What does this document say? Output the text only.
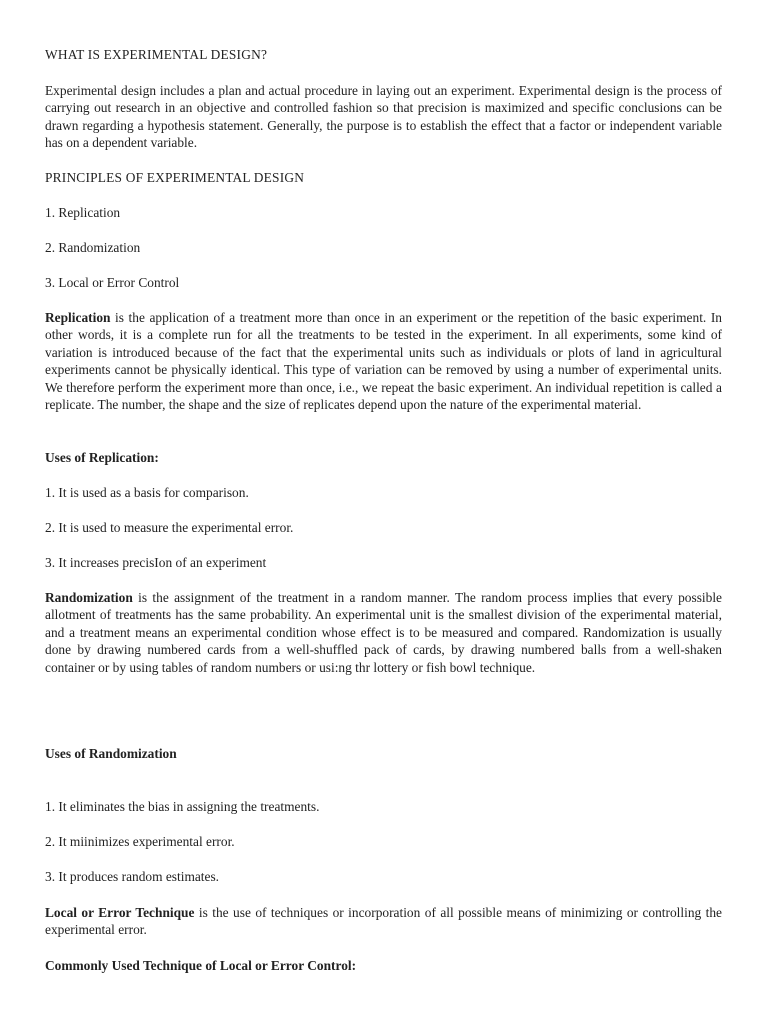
WHAT IS EXPERIMENTAL DESIGN?

Experimental design includes a plan and actual procedure in laying out an experiment. Experimental design is the process of carrying out research in an objective and controlled fashion so that precision is maximized and specific conclusions can be drawn regarding a hypothesis statement. Generally, the purpose is to establish the effect that a factor or independent variable has on a dependent variable.

PRINCIPLES OF EXPERIMENTAL DESIGN
1. Replication
2. Randomization
3. Local or Error Control

Replication is the application of a treatment more than once in an experiment or the repetition of the basic experiment. In other words, it is a complete run for all the treatments to be tested in the experiment. In all experiments, some kind of variation is introduced because of the fact that the experimental units such as individuals or plots of land in agricultural experiments cannot be physically identical. This type of variation can be removed by using a number of experimental units. We therefore perform the experiment more than once, i.e., we repeat the basic experiment. An individual repetition is called a replicate. The number, the shape and the size of replicates depend upon the nature of the experimental material.

Uses of Replication:
1. It is used as a basis for comparison.
2. It is used to measure the experimental error.
3. It increases precisIon of an experiment

Randomization is the assignment of the treatment in a random manner. The random process implies that every possible allotment of treatments has the same probability. An experimental unit is the smallest division of the experimental material, and a treatment means an experimental condition whose effect is to be measured and compared. Randomization is usually done by drawing numbered cards from a well-shuffled pack of cards, by drawing numbered balls from a well-shaken container or by using tables of random numbers or usi:ng thr lottery or fish bowl technique.

Uses of Randomization
1. It eliminates the bias in assigning the treatments.
2. It miinimizes experimental error.
3. It produces random estimates.

Local or Error Technique is the use of techniques or incorporation of all possible means of minimizing or controlling the experimental error.

Commonly Used Technique of Local or Error Control:
